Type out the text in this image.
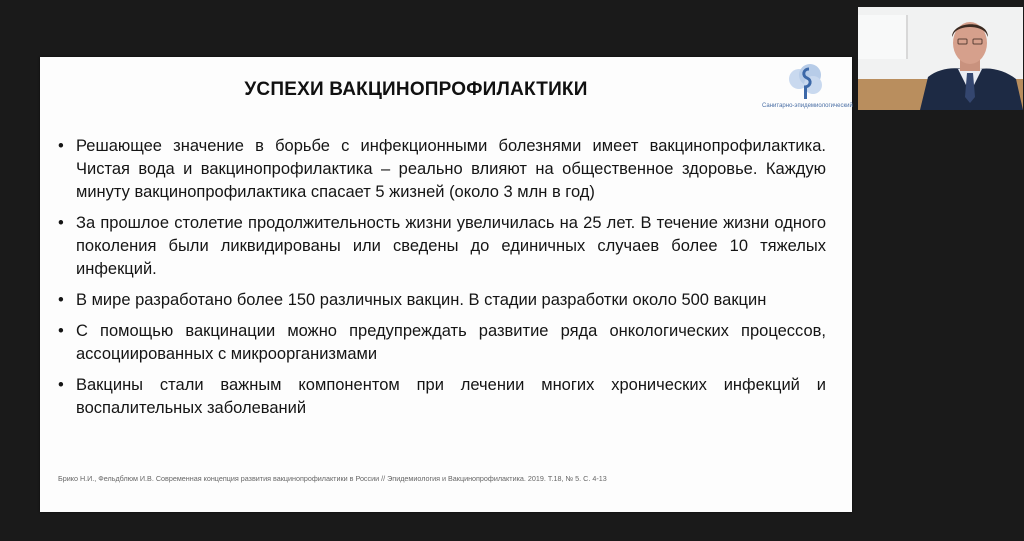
УСПЕХИ ВАКЦИНОПРОФИЛАКТИКИ
Санитарно-эпидемиологический
• Решающее значение в борьбе с инфекционными болезнями имеет вакцинопрофилактика. Чистая вода и вакцинопрофилактика – реально влияют на общественное здоровье. Каждую минуту вакцинопрофилактика спасает 5 жизней (около 3 млн в год)
• За прошлое столетие продолжительность жизни увеличилась на 25 лет. В течение жизни одного поколения были ликвидированы или сведены до единичных случаев более 10 тяжелых инфекций.
• В мире разработано более 150 различных вакцин. В стадии разработки около 500 вакцин
• С помощью вакцинации можно предупреждать развитие ряда онкологических процессов, ассоциированных с микроорганизмами
• Вакцины стали важным компонентом при лечении многих хронических инфекций и воспалительных заболеваний
Брико Н.И., Фельдблюм И.В. Современная концепция развития вакцинопрофилактики в России // Эпидемиология и Вакцинопрофилактика. 2019. Т.18, № 5. С. 4-13
